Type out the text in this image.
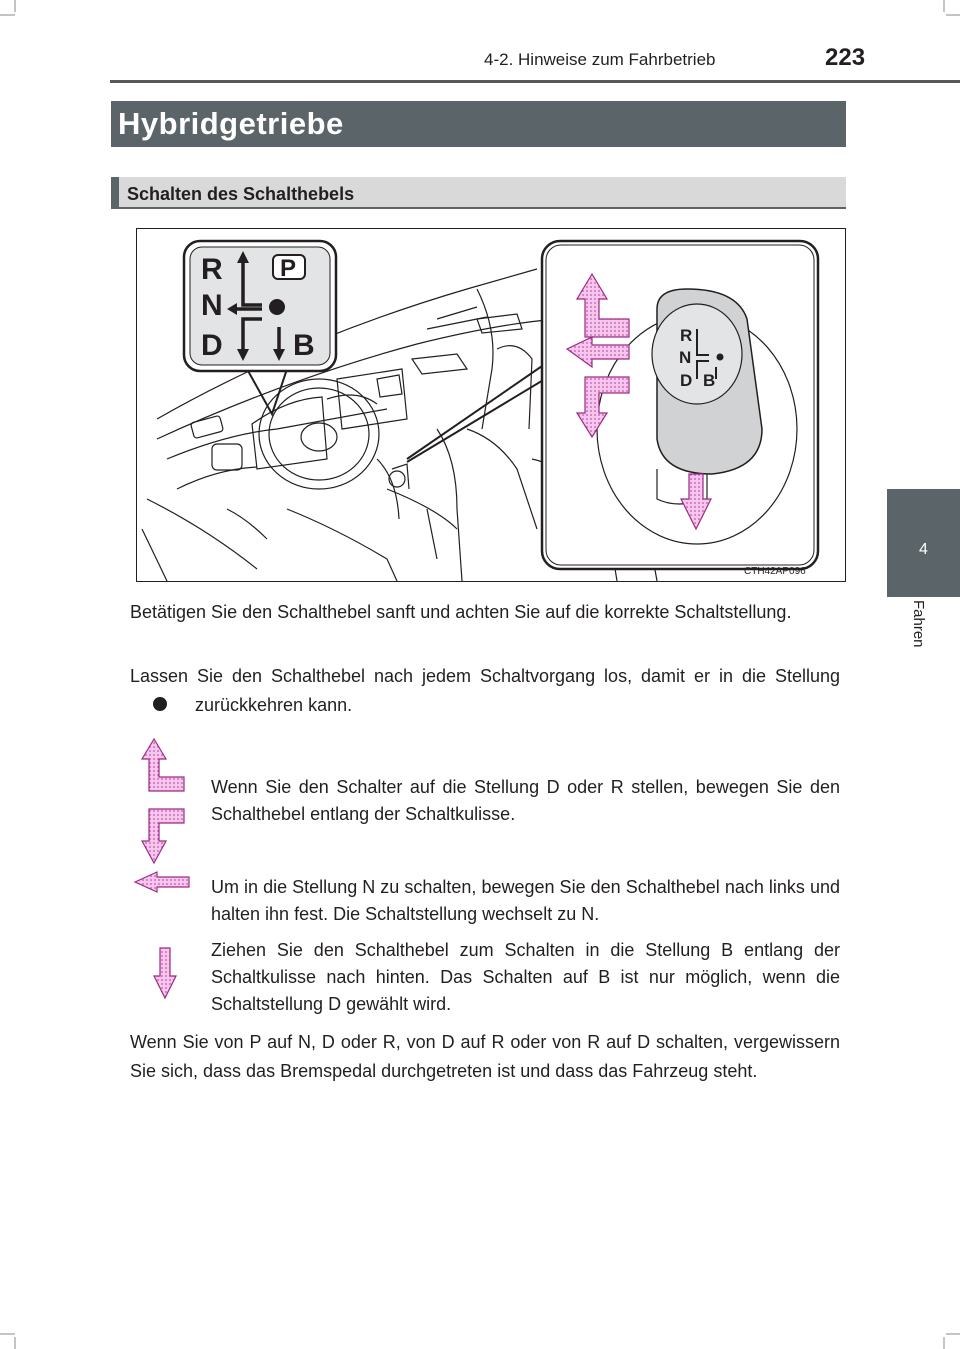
4-2. Hinweise zum Fahrbetrieb	223
4
Fahren
Hybridgetriebe
Schalten des Schalthebels
R
N
D B
P
R
N
D B
CTH42AP096
Betätigen Sie den Schalthebel sanft und achten Sie auf die korrekte Schaltstellung.
Lassen Sie den Schalthebel nach jedem Schaltvorgang los, damit er in die Stellung  zurückkehren kann.
Wenn Sie den Schalter auf die Stellung D oder R stellen, bewegen Sie den Schalthebel entlang der Schaltkulisse.
Um in die Stellung N zu schalten, bewegen Sie den Schalthebel nach links und halten ihn fest. Die Schaltstellung wechselt zu N.
Ziehen Sie den Schalthebel zum Schalten in die Stellung B entlang der Schaltkulisse nach hinten. Das Schalten auf B ist nur möglich, wenn die Schaltstellung D gewählt wird.
Wenn Sie von P auf N, D oder R, von D auf R oder von R auf D schalten, vergewissern Sie sich, dass das Bremspedal durchgetreten ist und dass das Fahrzeug steht.
